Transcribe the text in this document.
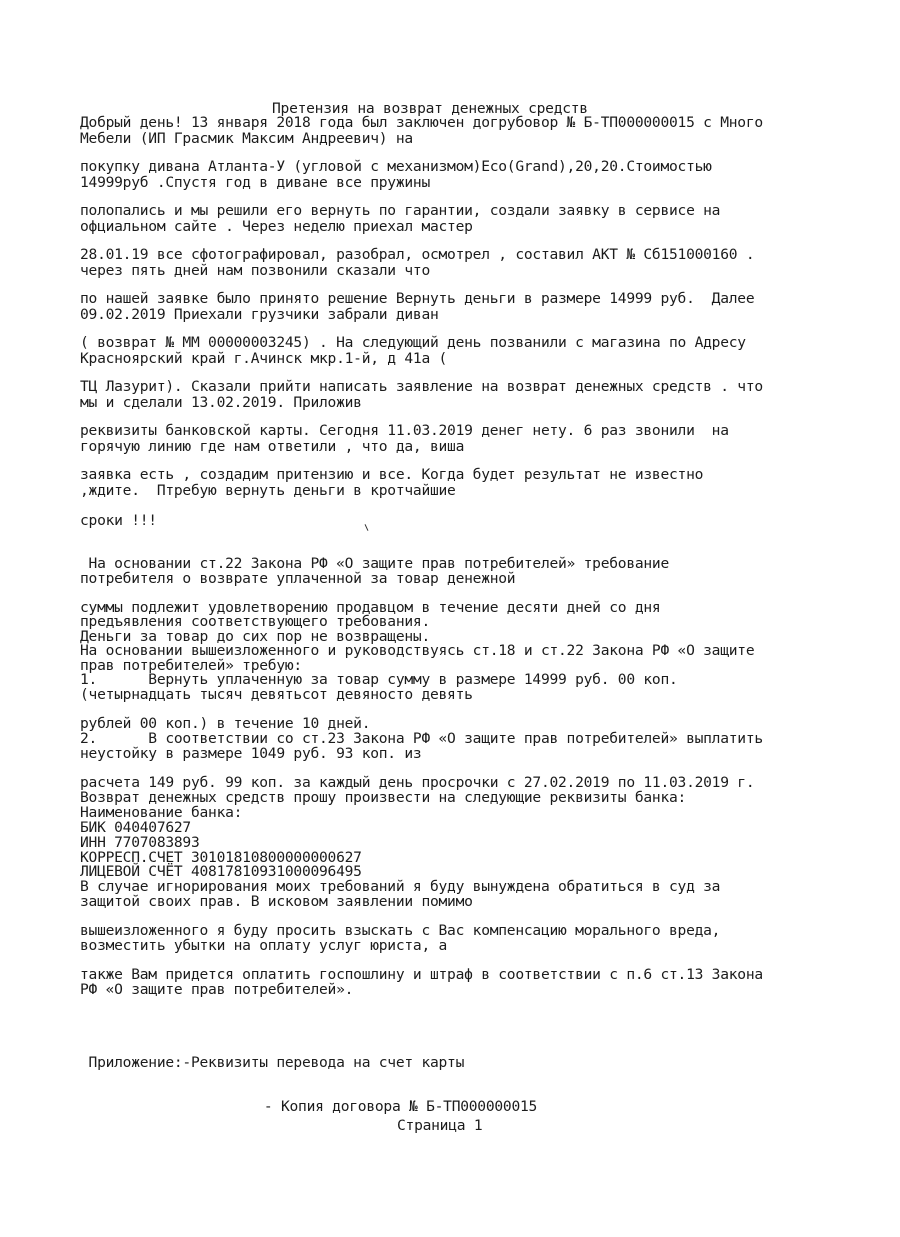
Претензия на возврат денежных средств

Добрый день! 13 января 2018 года был заключен догрубовор № Б-ТП000000015 с Много

Мебели (ИП Грасмик Максим Андреевич) на

покупку дивана Атланта-У (угловой с механизмом)Eco(Grand),20,20.Стоимостью

14999руб .Спустя год в диване все пружины

полопались и мы решили его вернуть по гарантии, создали заявку в сервисе на

офциальном сайте . Через неделю приехал мастер

28.01.19 все сфотографировал, разобрал, осмотрел , составил АКТ № Сб151000160 .

через пять дней нам позвонили сказали что

по нашей заявке было принято решение Вернуть деньги в размере 14999 руб.  Далее

09.02.2019 Приехали грузчики забрали диван

( возврат № ММ 00000003245) . На следующий день позванили с магазина по Адресу

Красноярский край г.Ачинск мкр.1-й, д 41а (

ТЦ Лазурит). Сказали прийти написать заявление на возврат денежных средств . что

мы и сделали 13.02.2019. Приложив

реквизиты банковской карты. Сегодня 11.03.2019 денег нету. 6 раз звонили  на

горячую линию где нам ответили , что да, виша

заявка есть , создадим притензию и все. Когда будет результат не известно

,ждите.  Птребую вернуть деньги в кротчайшие

сроки !!!

На основании ст.22 Закона РФ «О защите прав потребителей» требование

потребителя о возврате уплаченной за товар денежной

суммы подлежит удовлетворению продавцом в течение десяти дней со дня

предъявления соответствующего требования.

Деньги за товар до сих пор не возвращены.

На основании вышеизложенного и руководствуясь ст.18 и ст.22 Закона РФ «О защите

прав потребителей» требую:

1.      Вернуть уплаченную за товар сумму в размере 14999 руб. 00 коп.

(четырнадцать тысяч девятьсот девяносто девять

рублей 00 коп.) в течение 10 дней.

2.      В соответствии со ст.23 Закона РФ «О защите прав потребителей» выплатить

неустойку в размере 1049 руб. 93 коп. из

расчета 149 руб. 99 коп. за каждый день просрочки с 27.02.2019 по 11.03.2019 г.

Возврат денежных средств прошу произвести на следующие реквизиты банка:

Наименование банка:

БИК 040407627

ИНН 7707083893

КОРРЕСП.СЧЕТ 30101810800000000627

ЛИЦЕВОЙ СЧЁТ 40817810931000096495

В случае игнорирования моих требований я буду вынуждена обратиться в суд за

защитой своих прав. В исковом заявлении помимо

вышеизложенного я буду просить взыскать с Вас компенсацию морального вреда,

возместить убытки на оплату услуг юриста, а

также Вам придется оплатить госпошлину и штраф в соответствии с п.6 ст.13 Закона

РФ «О защите прав потребителей».

Приложение:-Реквизиты перевода на счет карты

- Копия договора № Б-ТП000000015

Страница 1
